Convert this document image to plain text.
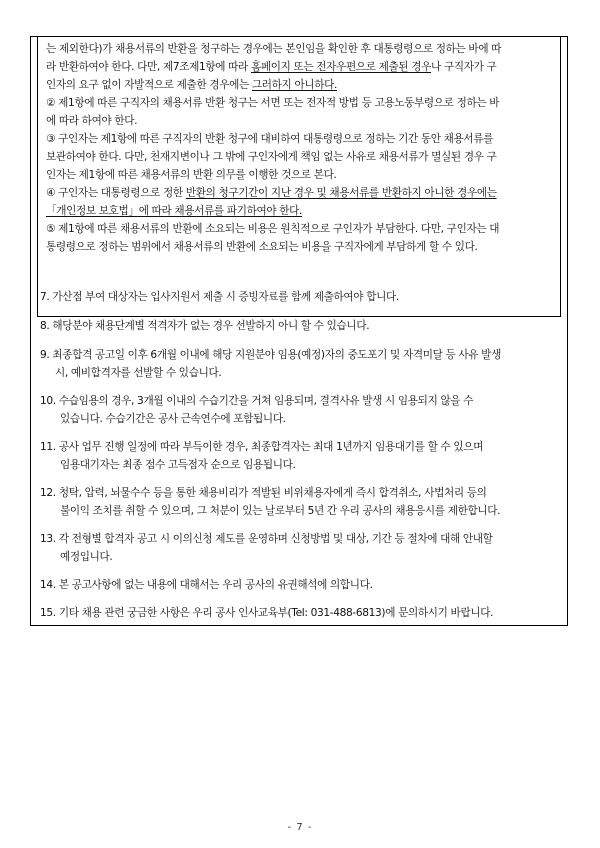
는 제외한다)가 채용서류의 반환을 청구하는 경우에는 본인임을 확인한 후 대통령령으로 정하는 바에 따
라 반환하여야 한다. 다만, 제7조제1항에 따라 홈페이지 또는 전자우편으로 제출된 경우나 구직자가 구
인자의 요구 없이 자발적으로 제출한 경우에는 그러하지 아니하다.
② 제1항에 따른 구직자의 채용서류 반환 청구는 서면 또는 전자적 방법 등 고용노동부령으로 정하는 바
에 따라 하여야 한다.
③ 구인자는 제1항에 따른 구직자의 반환 청구에 대비하여 대통령령으로 정하는 기간 동안 채용서류를
보관하여야 한다. 다만, 천재지변이나 그 밖에 구인자에게 책임 없는 사유로 채용서류가 멸실된 경우 구
인자는 제1항에 따른 채용서류의 반환 의무를 이행한 것으로 본다.
④ 구인자는 대통령령으로 정한 반환의 청구기간이 지난 경우 및 채용서류를 반환하지 아니한 경우에는
「개인정보 보호법」에 따라 채용서류를 파기하여야 한다.
⑤ 제1항에 따른 채용서류의 반환에 소요되는 비용은 원칙적으로 구인자가 부담한다. 다만, 구인자는 대
통령령으로 정하는 범위에서 채용서류의 반환에 소요되는 비용을 구직자에게 부담하게 할 수 있다.
7. 가산점 부여 대상자는 입사지원서 제출 시 증빙자료를 함께 제출하여야 합니다.
8. 해당분야 채용단계별 적격자가 없는 경우 선발하지 아니 할 수 있습니다.
9. 최종합격 공고일 이후 6개월 이내에 해당 지원분야 임용(예정)자의 중도포기 및 자격미달 등 사유 발생
시, 예비합격자를 선발할 수 있습니다.
10. 수습임용의 경우, 3개월 이내의 수습기간을 거쳐 임용되며, 결격사유 발생 시 임용되지 않을 수
있습니다. 수습기간은 공사 근속연수에 포함됩니다.
11. 공사 업무 진행 일정에 따라 부득이한 경우, 최종합격자는 최대 1년까지 임용대기를 할 수 있으며
임용대기자는 최종 점수 고득점자 순으로 임용됩니다.
12. 청탁, 압력, 뇌물수수 등을 통한 채용비리가 적발된 비위채용자에게 즉시 합격취소, 사법처리 등의
불이익 조치를 취할 수 있으며, 그 처분이 있는 날로부터 5년 간 우리 공사의 채용응시를 제한합니다.
13. 각 전형별 합격자 공고 시 이의신청 제도를 운영하며 신청방법 및 대상, 기간 등 절차에 대해 안내할
예정입니다.
14. 본 공고사항에 없는 내용에 대해서는 우리 공사의 유권해석에 의합니다.
15. 기타 채용 관련 궁금한 사항은 우리 공사 인사교육부(Tel: 031-488-6813)에 문의하시기 바랍니다.
- 7 -
